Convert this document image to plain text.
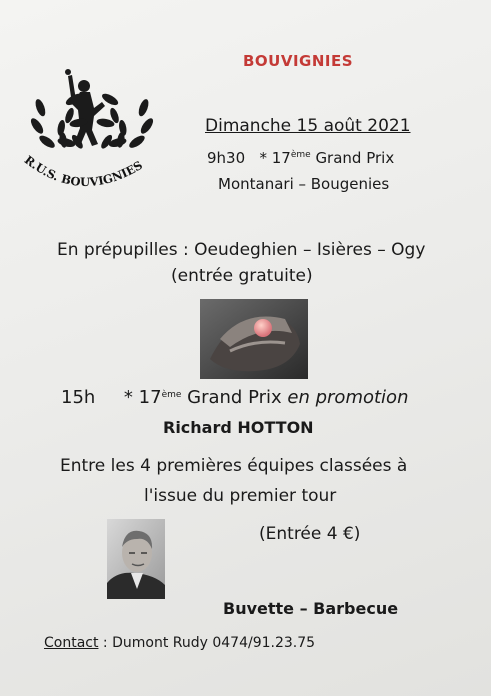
R.U.S. BOUVIGNIES
BOUVIGNIES
Dimanche 15 août 2021
9h30 * 17ème Grand Prix
Montanari – Bougenies
En prépupilles : Oeudeghien – Isières – Ogy
(entrée gratuite)
15h * 17ème Grand Prix en promotion
Richard HOTTON
Entre les 4 premières équipes classées à
l'issue du premier tour
(Entrée 4 €)
Buvette – Barbecue
Contact : Dumont Rudy 0474/91.23.75
